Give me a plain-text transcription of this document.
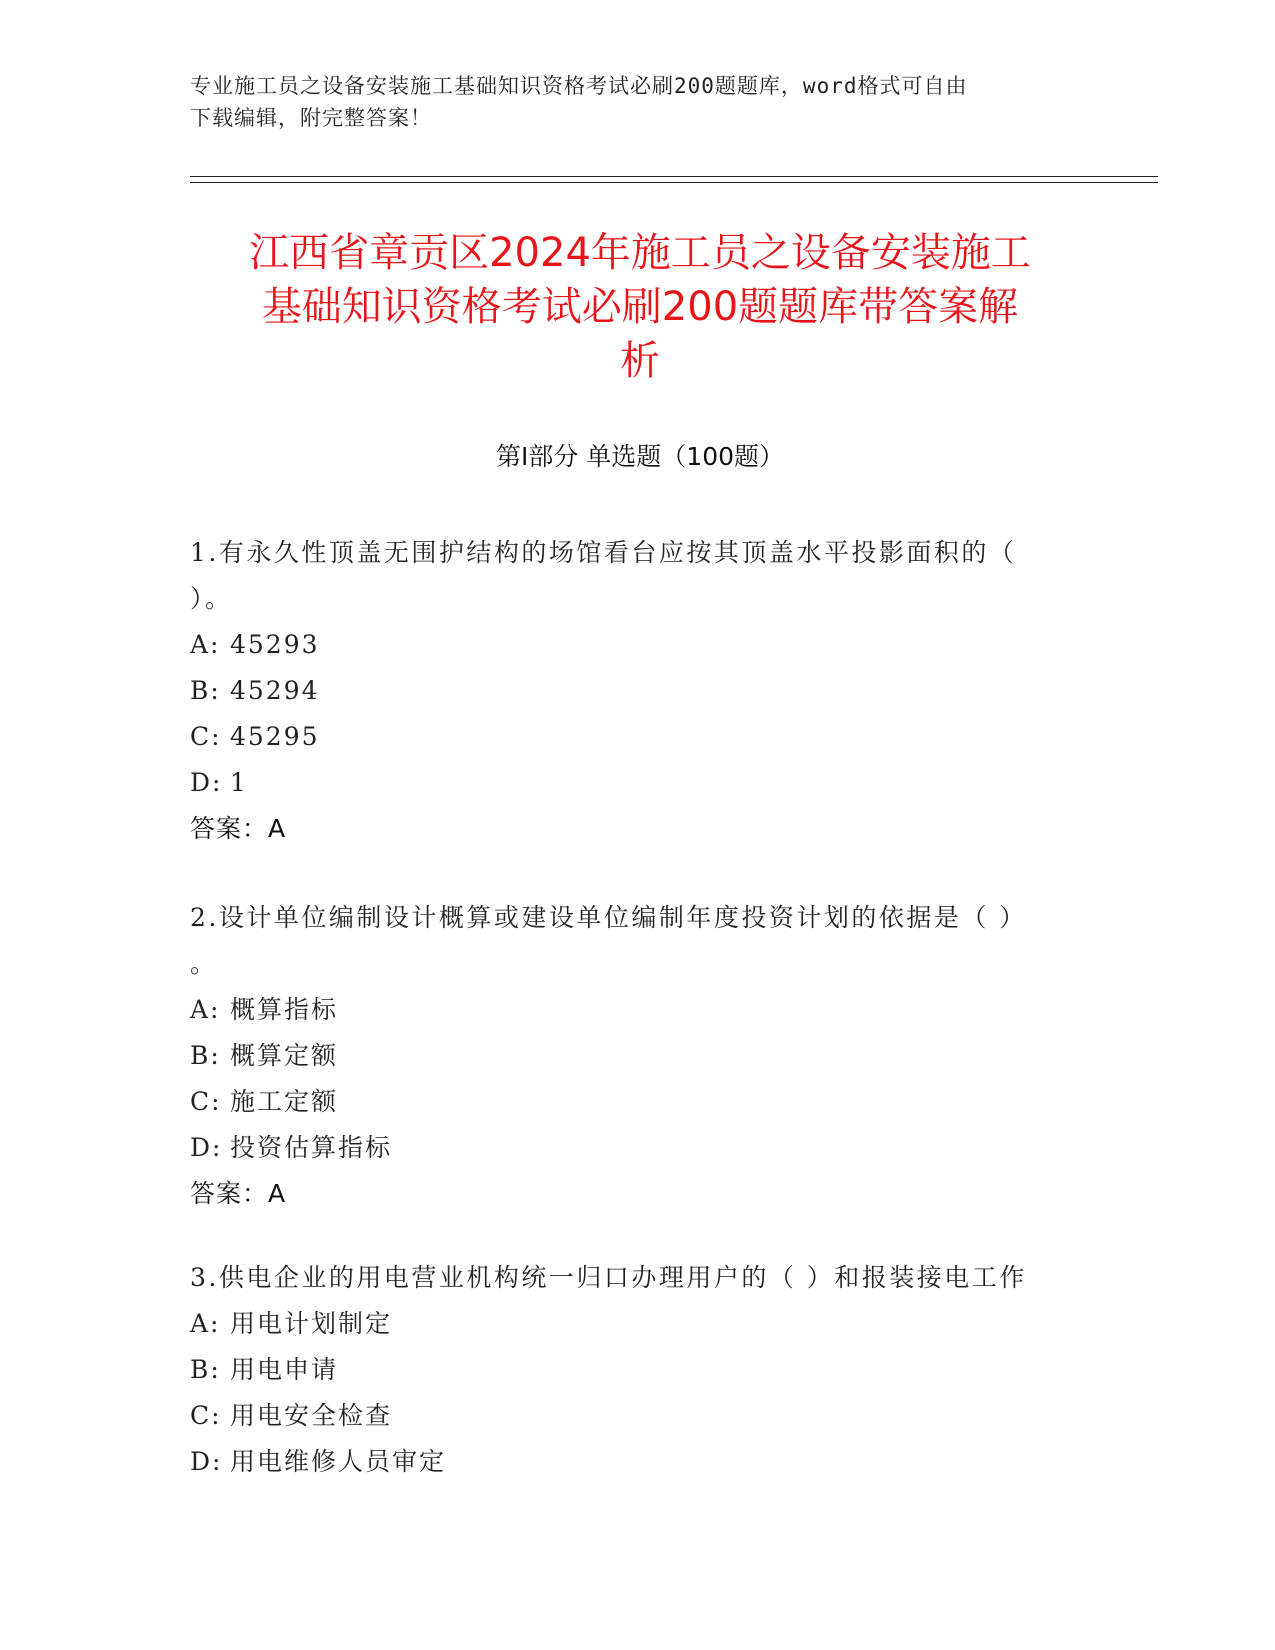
专业施工员之设备安装施工基础知识资格考试必刷200题题库，word格式可自由
下载编辑，附完整答案！
江西省章贡区2024年施工员之设备安装施工
基础知识资格考试必刷200题题库带答案解
析
第Ⅰ部分 单选题（100题）
1.有永久性顶盖无围护结构的场馆看台应按其顶盖水平投影面积的（
）。
A: 45293
B: 45294
C: 45295
D: 1
答案：A
2.设计单位编制设计概算或建设单位编制年度投资计划的依据是（ ）
。
A: 概算指标
B: 概算定额
C: 施工定额
D: 投资估算指标
答案：A
3.供电企业的用电营业机构统一归口办理用户的（ ）和报装接电工作
A: 用电计划制定
B: 用电申请
C: 用电安全检查
D: 用电维修人员审定
